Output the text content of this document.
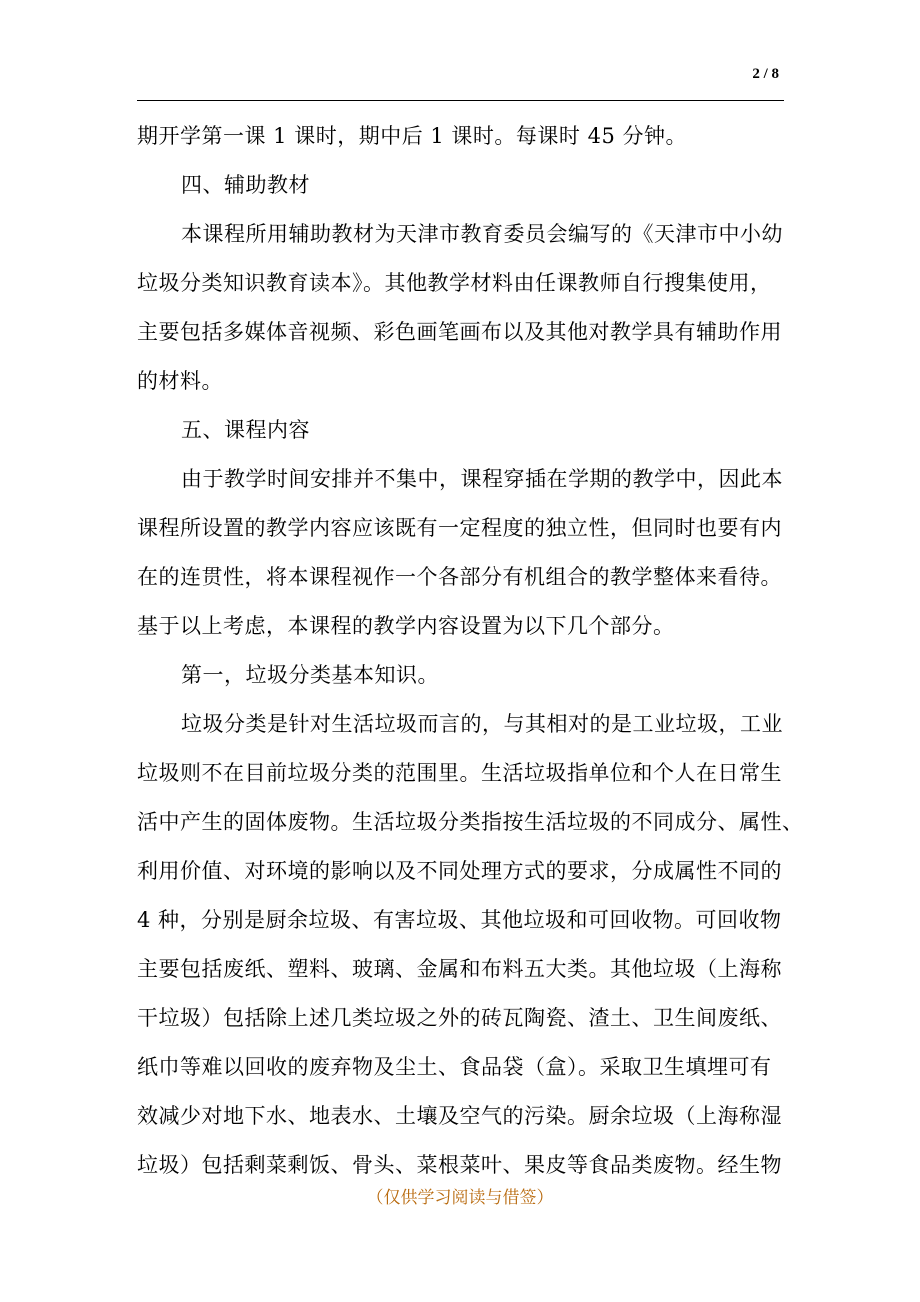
2 / 8

期开学第一课 1 课时，期中后 1 课时。每课时 45 分钟。

四、辅助教材

本课程所用辅助教材为天津市教育委员会编写的《天津市中小幼

垃圾分类知识教育读本》。其他教学材料由任课教师自行搜集使用，

主要包括多媒体音视频、彩色画笔画布以及其他对教学具有辅助作用

的材料。

五、课程内容

由于教学时间安排并不集中，课程穿插在学期的教学中，因此本

课程所设置的教学内容应该既有一定程度的独立性，但同时也要有内

在的连贯性，将本课程视作一个各部分有机组合的教学整体来看待。

基于以上考虑，本课程的教学内容设置为以下几个部分。

第一，垃圾分类基本知识。

垃圾分类是针对生活垃圾而言的，与其相对的是工业垃圾，工业

垃圾则不在目前垃圾分类的范围里。生活垃圾指单位和个人在日常生

活中产生的固体废物。生活垃圾分类指按生活垃圾的不同成分、属性、

利用价值、对环境的影响以及不同处理方式的要求，分成属性不同的

4 种，分别是厨余垃圾、有害垃圾、其他垃圾和可回收物。可回收物

主要包括废纸、塑料、玻璃、金属和布料五大类。其他垃圾（上海称

干垃圾）包括除上述几类垃圾之外的砖瓦陶瓷、渣土、卫生间废纸、

纸巾等难以回收的废弃物及尘土、食品袋（盒）。采取卫生填埋可有

效减少对地下水、地表水、土壤及空气的污染。厨余垃圾（上海称湿

垃圾）包括剩菜剩饭、骨头、菜根菜叶、果皮等食品类废物。经生物

（仅供学习阅读与借签）
